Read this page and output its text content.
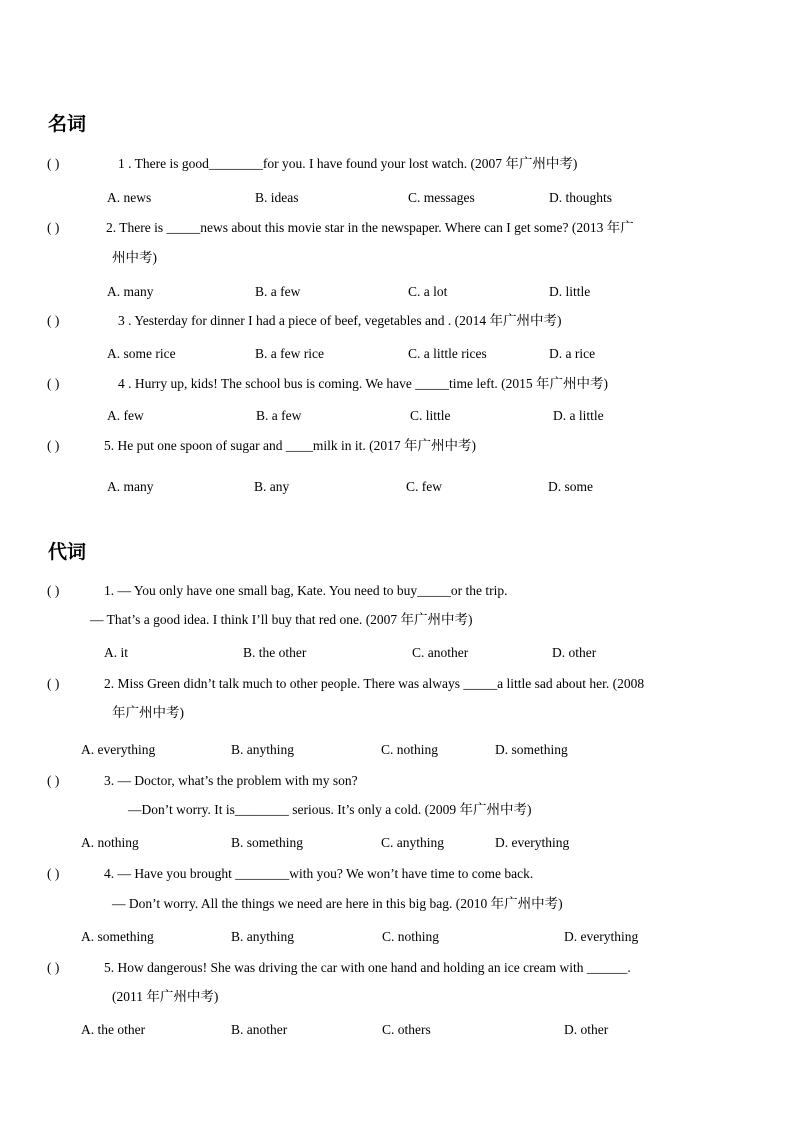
名词
( )	1 . There is good________for you. I have found your lost watch. (2007 年广州中考)
A. news	B. ideas	C. messages	D. thoughts
( )	2. There is _____news about this movie star in the newspaper. Where can I get some? (2013 年广
州中考)
A. many	B. a few	C. a lot	D. little
( )	3 . Yesterday for dinner I had a piece of beef, vegetables and . (2014 年广州中考)
A. some rice	B. a few rice	C. a little rices	D. a rice
( )	4 . Hurry up, kids! The school bus is coming. We have _____time left. (2015 年广州中考)
A. few	B. a few	C. little	D. a little
( )	5. He put one spoon of sugar and ____milk in it. (2017 年广州中考)
A. many	B. any	C. few	D. some
代词
( )	1. — You only have one small bag, Kate. You need to buy_____or the trip.
— That’s a good idea. I think I’ll buy that red one. (2007 年广州中考)
A. it	B. the other	C. another	D. other
( )	2. Miss Green didn’t talk much to other people. There was always _____a little sad about her. (2008
年广州中考)
A. everything	B. anything	C. nothing	D. something
( )	3. — Doctor, what’s the problem with my son?
—Don’t worry. It is________ serious. It’s only a cold. (2009 年广州中考)
A. nothing	B. something	C. anything	D. everything
( )	4. — Have you brought ________with you? We won’t have time to come back.
— Don’t worry. All the things we need are here in this big bag. (2010 年广州中考)
A. something	B. anything	C. nothing	D. everything
( )	5. How dangerous! She was driving the car with one hand and holding an ice cream with ______.
(2011 年广州中考)
A. the other	B. another	C. others	D. other
